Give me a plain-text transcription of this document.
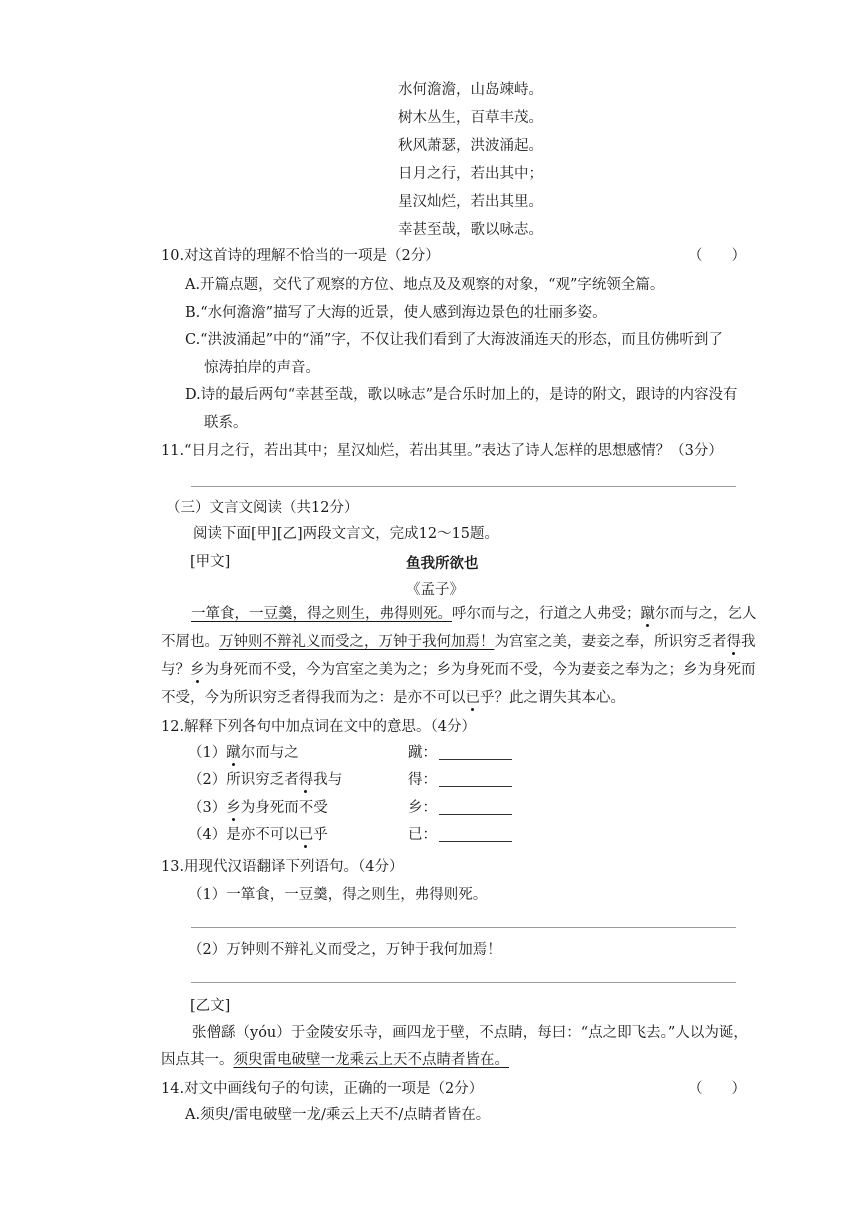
水何澹澹，山岛竦峙。
树木丛生，百草丰茂。
秋风萧瑟，洪波涌起。
日月之行，若出其中；
星汉灿烂，若出其里。
幸甚至哉，歌以咏志。
10.对这首诗的理解不恰当的一项是（2分）	（　　）
A.开篇点题，交代了观察的方位、地点及及观察的对象，“观”字统领全篇。
B.“水何澹澹”描写了大海的近景，使人感到海边景色的壮丽多姿。
C.“洪波涌起”中的“涌”字，不仅让我们看到了大海波涌连天的形态，而且仿佛听到了
惊涛拍岸的声音。
D.诗的最后两句“幸甚至哉，歌以咏志”是合乐时加上的，是诗的附文，跟诗的内容没有
联系。
11.“日月之行，若出其中；星汉灿烂，若出其里。”表达了诗人怎样的思想感情？（3分）
（三）文言文阅读（共12分）
阅读下面[甲][乙]两段文言文，完成12～15题。
[甲文]	鱼我所欲也
《孟子》
一箪食，一豆羹，得之则生，弗得则死。呼尔而与之，行道之人弗受；蹴尔而与之，乞人
不屑也。万钟则不辩礼义而受之，万钟于我何加焉！为宫室之美，妻妾之奉，所识穷乏者得我
与？乡为身死而不受，今为宫室之美为之；乡为身死而不受，今为妻妾之奉为之；乡为身死而
不受，今为所识穷乏者得我而为之：是亦不可以已乎？此之谓失其本心。
12.解释下列各句中加点词在文中的意思。（4分）
（1）蹴尔而与之	蹴：
（2）所识穷乏者得我与	得：
（3）乡为身死而不受	乡：
（4）是亦不可以已乎	已：
13.用现代汉语翻译下列语句。（4分）
（1）一箪食，一豆羹，得之则生，弗得则死。
（2）万钟则不辩礼义而受之，万钟于我何加焉！
[乙文]
张僧繇（yóu）于金陵安乐寺，画四龙于壁，不点睛，每曰：“点之即飞去。”人以为诞，
因点其一。须臾雷电破壁一龙乘云上天不点睛者皆在。
14.对文中画线句子的句读，正确的一项是（2分）	（　　）
A.须臾/雷电破壁一龙/乘云上天不/点睛者皆在。
